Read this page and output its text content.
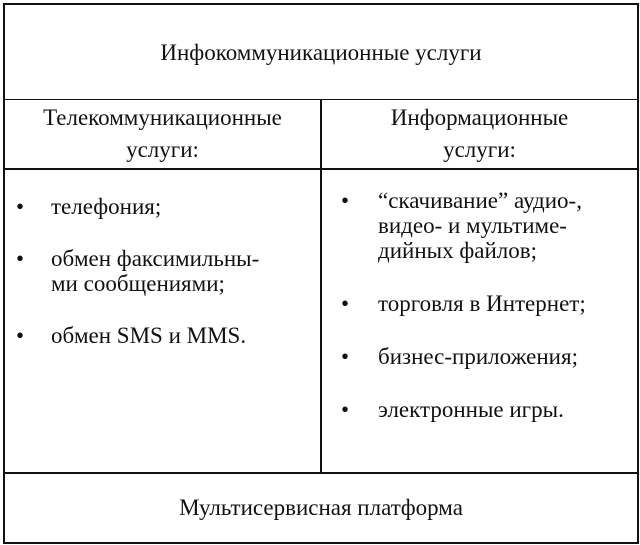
Инфокоммуникационные услуги
Телекоммуникационные
услуги:
Информационные
услуги:
• телефония;
• обмен факсимильны-
ми сообщениями;
• обмен SMS и MMS.
• “скачивание” аудио-,
видео- и мультиме-
дийных файлов;
• торговля в Интернет;
• бизнес-приложения;
• электронные игры.
Мультисервисная платформа
